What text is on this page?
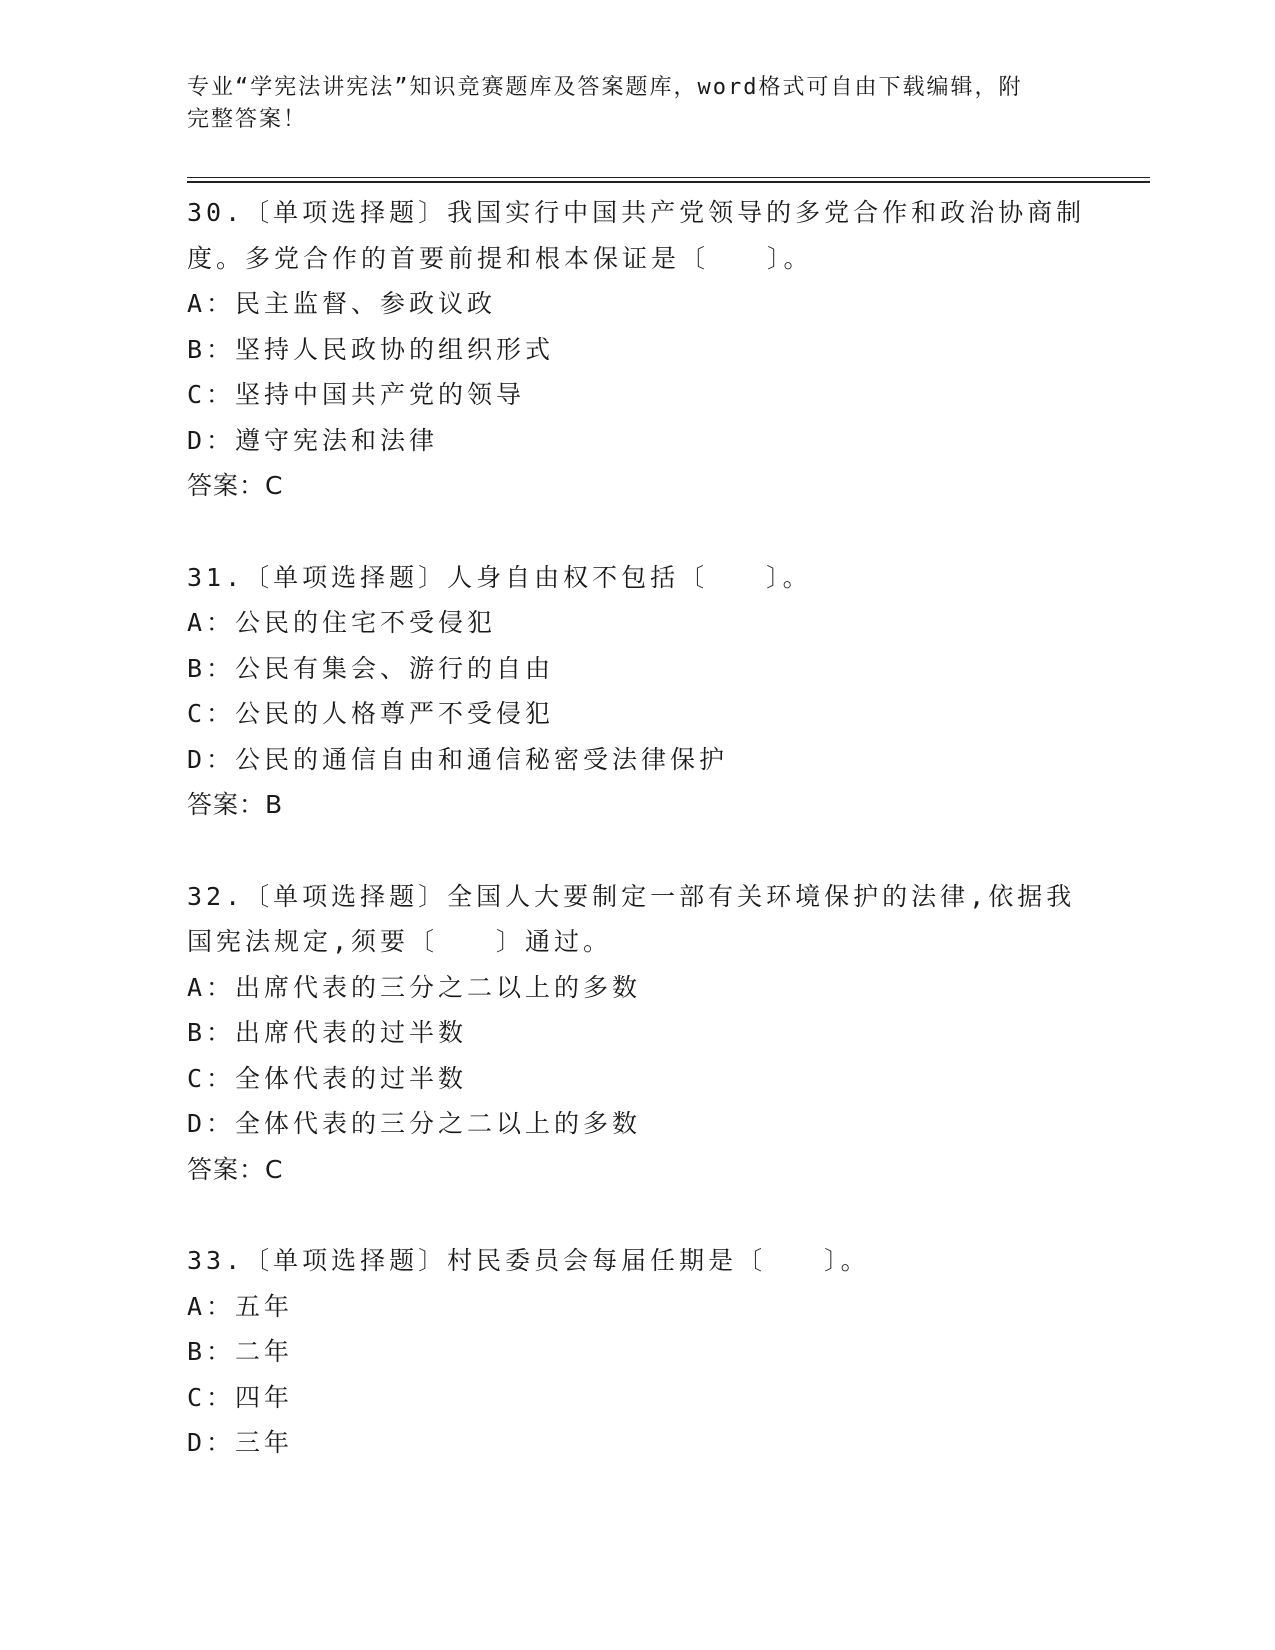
专业“学宪法讲宪法”知识竞赛题库及答案题库，word格式可自由下载编辑，附
完整答案！
30.〔单项选择题〕我国实行中国共产党领导的多党合作和政治协商制
度。多党合作的首要前提和根本保证是〔　　〕。
A：民主监督、参政议政
B：坚持人民政协的组织形式
C：坚持中国共产党的领导
D：遵守宪法和法律
答案：C
31.〔单项选择题〕人身自由权不包括〔　　〕。
A：公民的住宅不受侵犯
B：公民有集会、游行的自由
C：公民的人格尊严不受侵犯
D：公民的通信自由和通信秘密受法律保护
答案：B
32.〔单项选择题〕全国人大要制定一部有关环境保护的法律,依据我
国宪法规定,须要〔　　〕通过。
A：出席代表的三分之二以上的多数
B：出席代表的过半数
C：全体代表的过半数
D：全体代表的三分之二以上的多数
答案：C
33.〔单项选择题〕村民委员会每届任期是〔　　〕。
A：五年
B：二年
C：四年
D：三年
